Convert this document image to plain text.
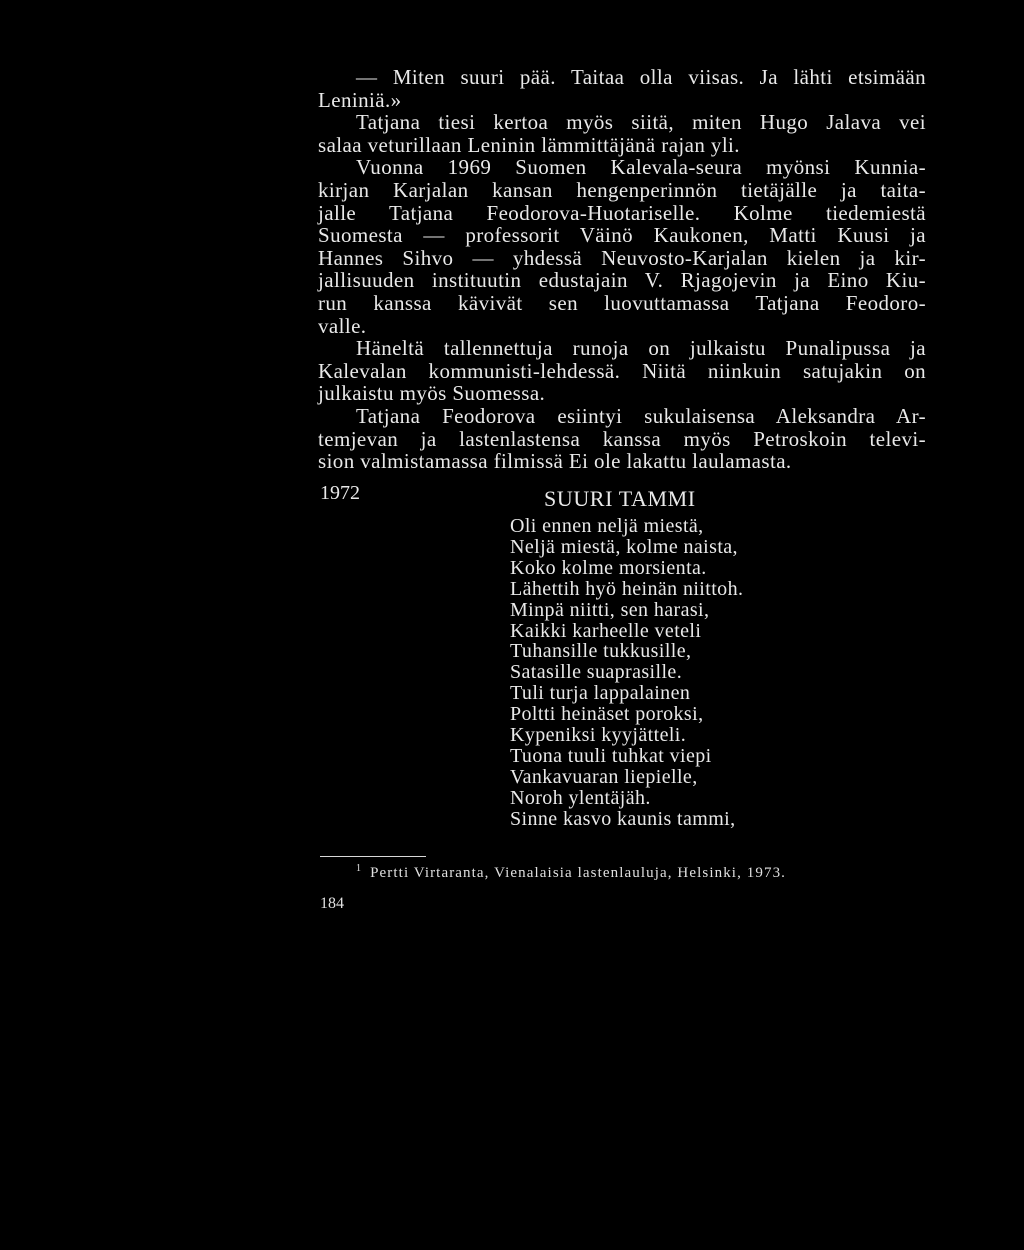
— Miten suuri pää. Taitaa olla viisas. Ja lähti etsimään
Leniniä.»
Tatjana tiesi kertoa myös siitä, miten Hugo Jalava vei
salaa veturillaan Leninin lämmittäjänä rajan yli.
Vuonna 1969 Suomen Kalevala-seura myönsi Kunnia-
kirjan Karjalan kansan hengenperinnön tietäjälle ja taita-
jalle Tatjana Feodorova-Huotariselle. Kolme tiedemiestä
Suomesta — professorit Väinö Kaukonen, Matti Kuusi ja
Hannes Sihvo — yhdessä Neuvosto-Karjalan kielen ja kir-
jallisuuden instituutin edustajain V. Rjagojevin ja Eino Kiu-
run kanssa kävivät sen luovuttamassa Tatjana Feodoro-
valle.
Häneltä tallennettuja runoja on julkaistu Punalipussa ja
Kalevalan kommunisti-lehdessä. Niitä niinkuin satujakin on
julkaistu myös Suomessa.
Tatjana Feodorova esiintyi sukulaisensa Aleksandra Ar-
temjevan ja lastenlastensa kanssa myös Petroskoin televi-
sion valmistamassa filmissä Ei ole lakattu laulamasta.
1972	SUURI TAMMI
Oli ennen neljä miestä,
Neljä miestä, kolme naista,
Koko kolme morsienta.
Lähettih hyö heinän niittoh.
Minpä niitti, sen harasi,
Kaikki karheelle veteli
Tuhansille tukkusille,
Satasille suaprasille.
Tuli turja lappalainen
Poltti heinäset poroksi,
Kypeniksi kyyjätteli.
Tuona tuuli tuhkat viepi
Vankavuaran liepielle,
Noroh ylentäjäh.
Sinne kasvo kaunis tammi,
$^1$ Pertti Virtaranta, Vienalaisia lastenlauluja, Helsinki, 1973.
184
